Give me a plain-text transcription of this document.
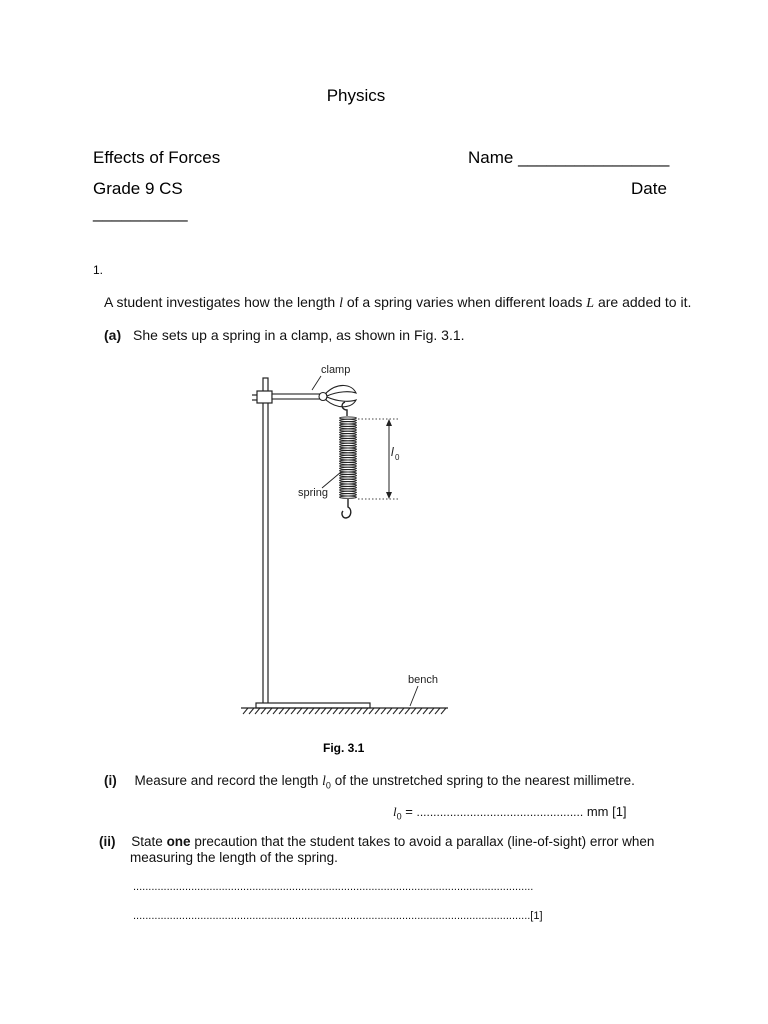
Physics
Effects of Forces	Name ________________
Grade 9 CS	Date
__________
1.
A student investigates how the length l of a spring varies when different loads L are added to it.
(a) She sets up a spring in a clamp, as shown in Fig. 3.1.
clamp
spring
l 0
bench
Fig. 3.1
(i) Measure and record the length $l_0$ of the unstretched spring to the nearest millimetre.
$l_0$ = .................................................. mm [1]
(ii) State one precaution that the student takes to avoid a parallax (line-of-sight) error when
measuring the length of the spring.
...................................................................................................................................
..................................................................................................................................[1]
